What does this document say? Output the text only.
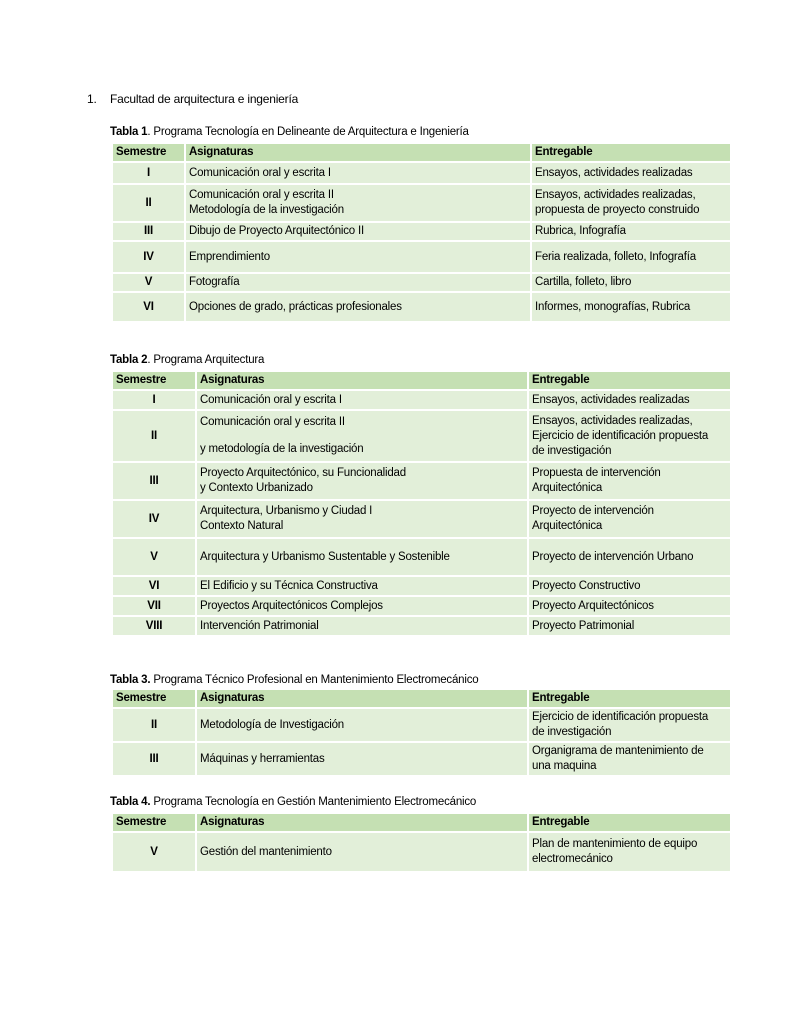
1. Facultad de arquitectura e ingeniería
Tabla 1. Programa Tecnología en Delineante de Arquitectura e Ingeniería
Semestre	Asignaturas	Entregable
I	Comunicación oral y escrita I	Ensayos, actividades realizadas

II	Comunicación oral y escrita II
Metodología de la investigación	Ensayos, actividades realizadas,
propuesta de proyecto construido

III	Dibujo de Proyecto Arquitectónico II	Rubrica, Infografía

IV	Emprendimiento	Feria realizada, folleto, Infografía

V	Fotografía	Cartilla, folleto, libro

VI	Opciones de grado, prácticas profesionales	Informes, monografías, Rubrica
Tabla 2. Programa Arquitectura
Semestre	Asignaturas	Entregable
I	Comunicación oral y escrita I	Ensayos, actividades realizadas

II	Comunicación oral y escrita II
y metodología de la investigación	Ensayos, actividades realizadas,
Ejercicio de identificación propuesta
de investigación

III	Proyecto Arquitectónico, su Funcionalidad
y Contexto Urbanizado	Propuesta de intervención
Arquitectónica

IV	Arquitectura, Urbanismo y Ciudad I
Contexto Natural	Proyecto de intervención
Arquitectónica

V	Arquitectura y Urbanismo Sustentable y Sostenible	Proyecto de intervención Urbano

VI	El Edificio y su Técnica Constructiva	Proyecto Constructivo

VII	Proyectos Arquitectónicos Complejos	Proyecto Arquitectónicos

VIII	Intervención Patrimonial	Proyecto Patrimonial
Tabla 3. Programa Técnico Profesional en Mantenimiento Electromecánico
Semestre	Asignaturas	Entregable
II	Metodología de Investigación	Ejercicio de identificación propuesta
de investigación

III	Máquinas y herramientas	Organigrama de mantenimiento de
una maquina
Tabla 4. Programa Tecnología en Gestión Mantenimiento Electromecánico
Semestre	Asignaturas	Entregable
V	Gestión del mantenimiento	Plan de mantenimiento de equipo
electromecánico
